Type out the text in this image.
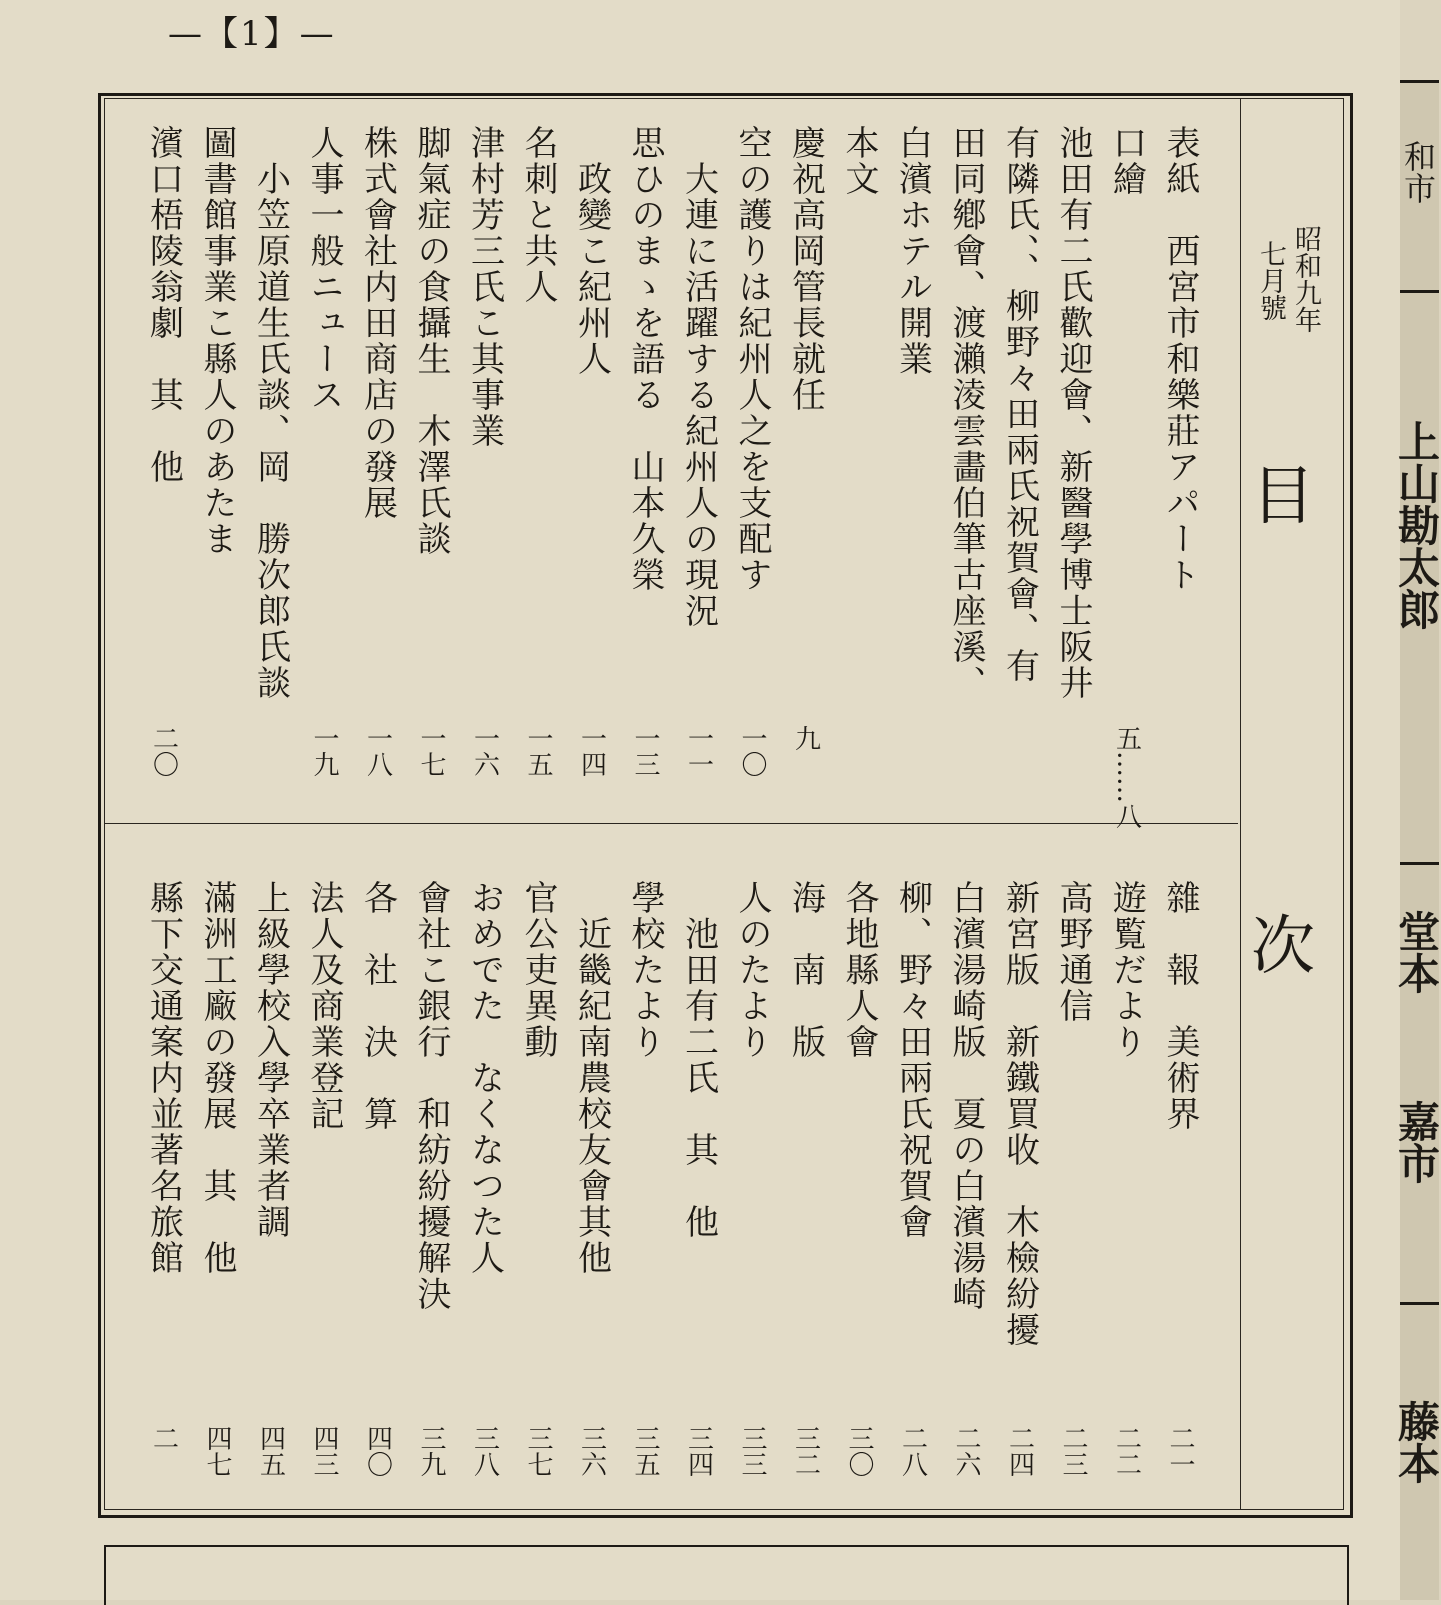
—【1】—
昭和九年
七月號
目
次
表紙　西宮市和樂莊アパート
口繪
五……八
池田有二氏歡迎會、新醫學博士阪井
有隣氏、、柳野々田兩氏祝賀會、有
田同鄕會、渡瀨淩雲畵伯筆古座溪、
白濱ホテル開業
本文
慶祝高岡管長就任
九
空の護りは紀州人之を支配す
一〇
　大連に活躍する紀州人の現況
一一
思ひのまゝを語る　山本久榮
一三
　政變こ紀州人
一四
名刺と共人
一五
津村芳三氏こ其事業
一六
脚氣症の食攝生　木澤氏談
一七
株式會社内田商店の發展
一八
人事一般ニュース
一九
　小笠原道生氏談、岡　勝次郎氏談
圖書館事業こ縣人のあたま
濱口梧陵翁劇　其　他
二〇
雜　報　美術界
二一
遊覧だより
二二
高野通信
二三
新宮版　新鐵買收　木檢紛擾
二四
白濱湯崎版　夏の白濱湯崎
二六
柳、野々田兩氏祝賀會
二八
各地縣人會
三〇
海　南　版
三二
人のたより
三三
　池田有二氏　其　他
三四
學校たより
三五
　近畿紀南農校友會其他
三六
官公吏異動
三七
おめでた　なくなつた人
三八
會社こ銀行　和紡紛擾解決
三九
各　社　決　算
四〇
法人及商業登記
四三
上級學校入學卒業者調
四五
滿洲工廠の發展　其　他
四七
縣下交通案内並著名旅館
二
和市
上山勘太郎
堂本
嘉市
藤本
